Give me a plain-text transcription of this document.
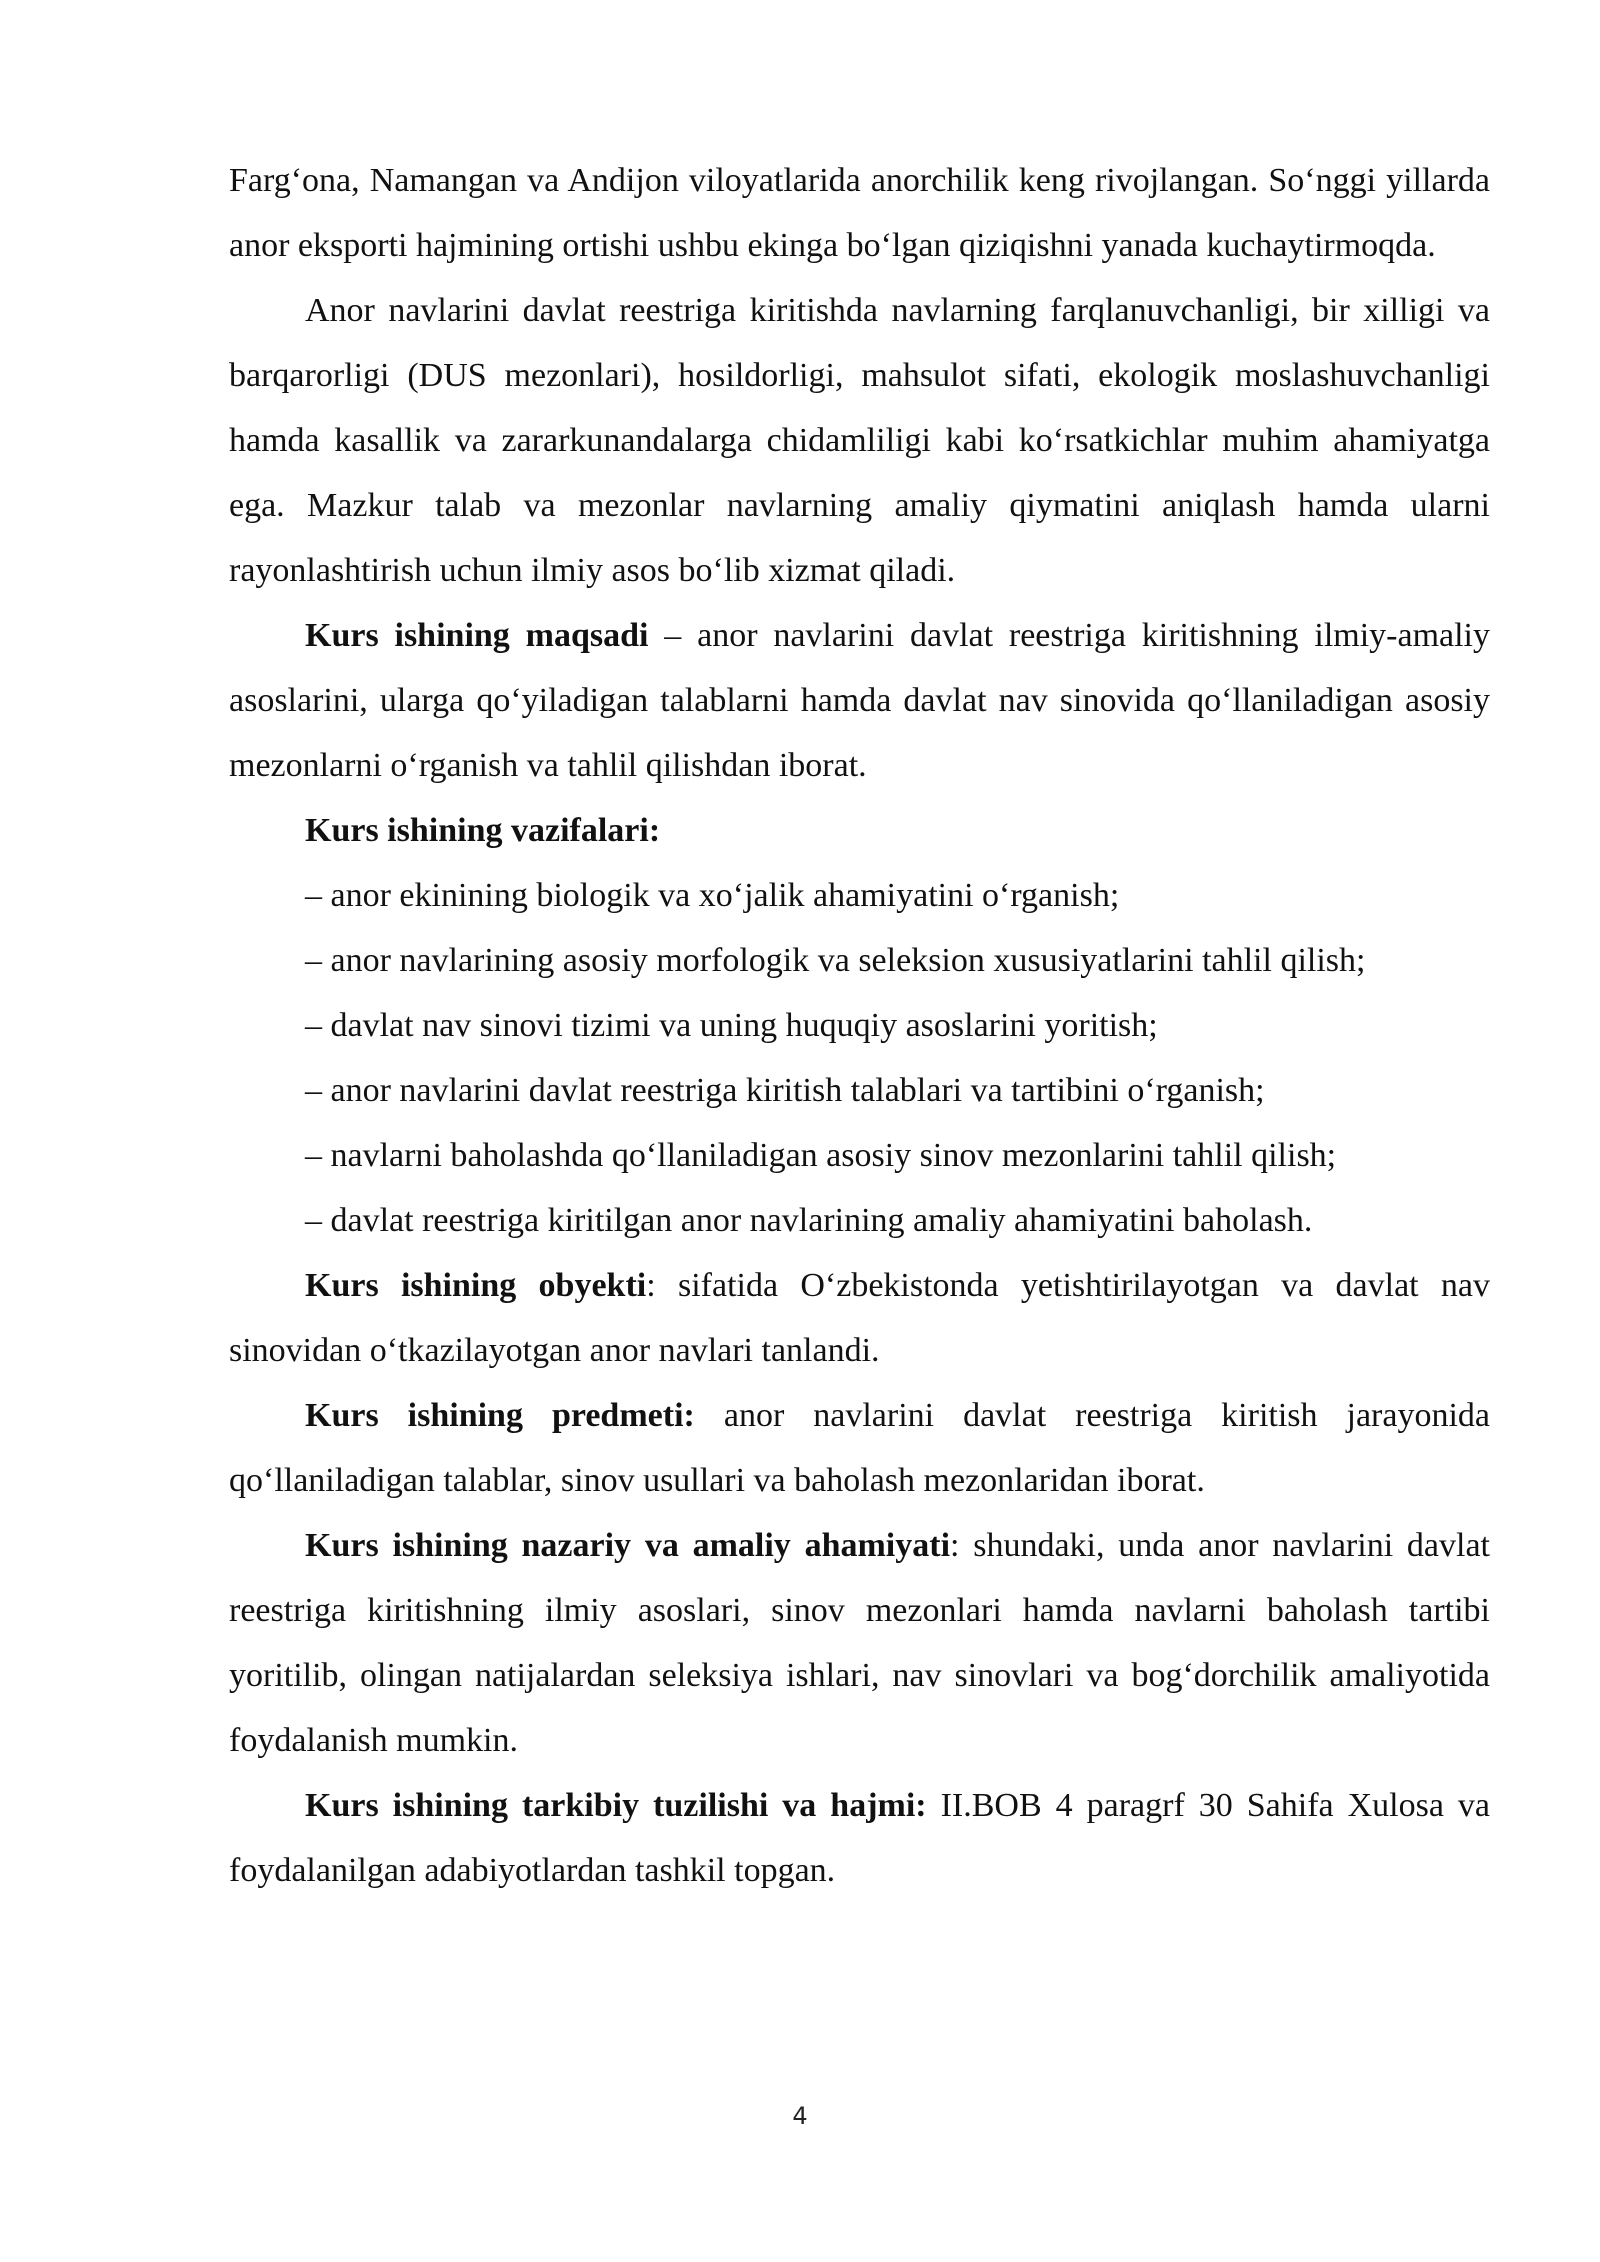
Farg‘ona, Namangan va Andijon viloyatlarida anorchilik keng rivojlangan. So‘nggi yillarda anor eksporti hajmining ortishi ushbu ekinga bo‘lgan qiziqishni yanada kuchaytirmoqda.

Anor navlarini davlat reestriga kiritishda navlarning farqlanuvchanligi, bir xilligi va barqarorligi (DUS mezonlari), hosildorligi, mahsulot sifati, ekologik moslashuvchanligi hamda kasallik va zararkunandalarga chidamliligi kabi ko‘rsatkichlar muhim ahamiyatga ega. Mazkur talab va mezonlar navlarning amaliy qiymatini aniqlash hamda ularni rayonlashtirish uchun ilmiy asos bo‘lib xizmat qiladi.

Kurs ishining maqsadi – anor navlarini davlat reestriga kiritishning ilmiy-amaliy asoslarini, ularga qo‘yiladigan talablarni hamda davlat nav sinovida qo‘llaniladigan asosiy mezonlarni o‘rganish va tahlil qilishdan iborat.

Kurs ishining vazifalari:

– anor ekinining biologik va xo‘jalik ahamiyatini o‘rganish;
– anor navlarining asosiy morfologik va seleksion xususiyatlarini tahlil qilish;
– davlat nav sinovi tizimi va uning huquqiy asoslarini yoritish;
– anor navlarini davlat reestriga kiritish talablari va tartibini o‘rganish;
– navlarni baholashda qo‘llaniladigan asosiy sinov mezonlarini tahlil qilish;
– davlat reestriga kiritilgan anor navlarining amaliy ahamiyatini baholash.

Kurs ishining obyekti: sifatida O‘zbekistonda yetishtirilayotgan va davlat nav sinovidan o‘tkazilayotgan anor navlari tanlandi.

Kurs ishining predmeti: anor navlarini davlat reestriga kiritish jarayonida qo‘llaniladigan talablar, sinov usullari va baholash mezonlaridan iborat.

Kurs ishining nazariy va amaliy ahamiyati: shundaki, unda anor navlarini davlat reestriga kiritishning ilmiy asoslari, sinov mezonlari hamda navlarni baholash tartibi yoritilib, olingan natijalardan seleksiya ishlari, nav sinovlari va bog‘dorchilik amaliyotida foydalanish mumkin.

Kurs ishining tarkibiy tuzilishi va hajmi: II.BOB 4 paragrf 30 Sahifa Xulosa va foydalanilgan adabiyotlardan tashkil topgan.

4
